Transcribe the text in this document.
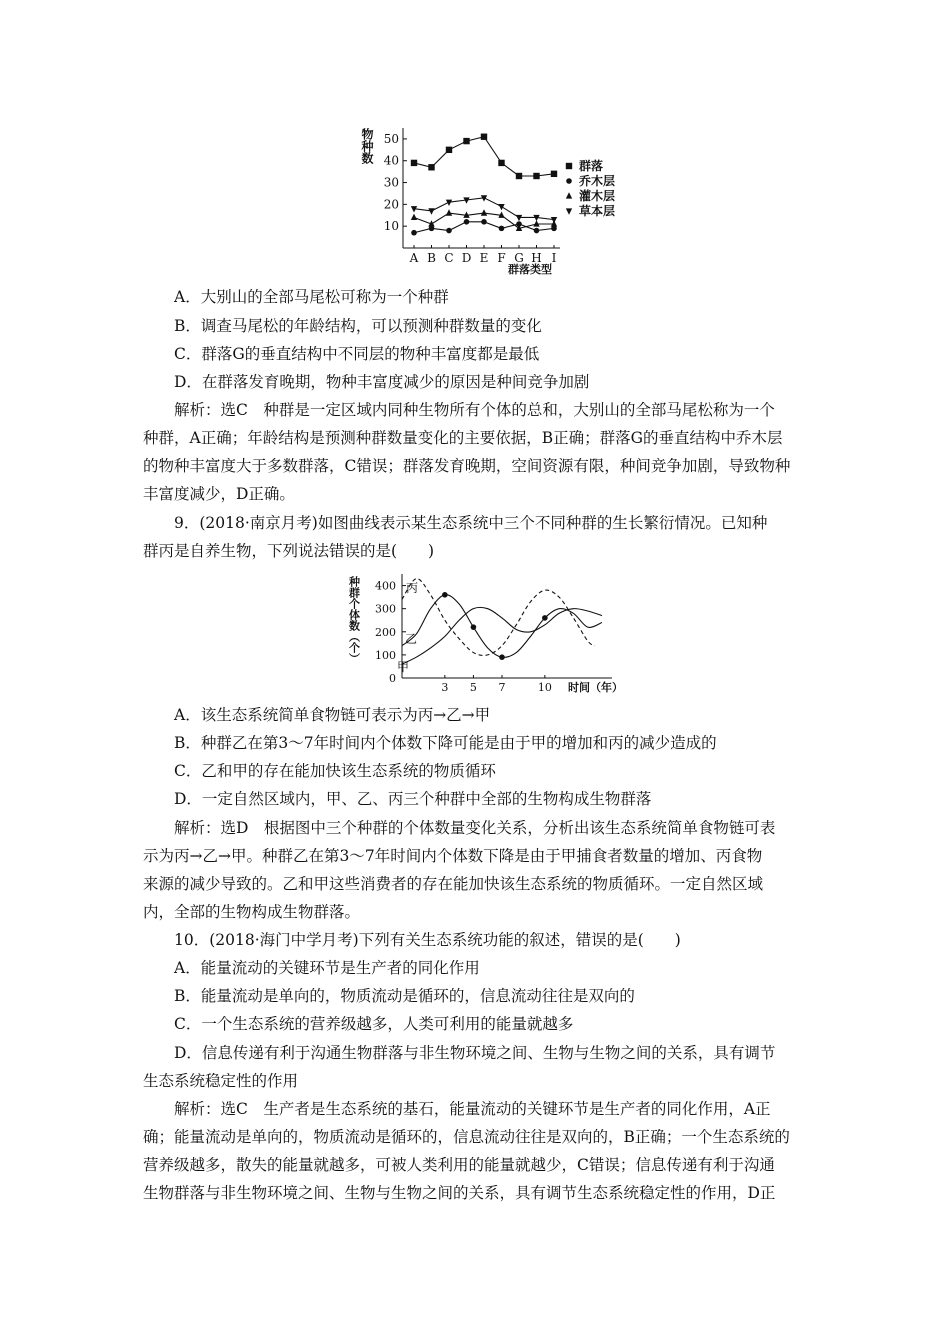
物种数
10
20
30
40
50
A B C D E F G H I
群落
乔木层
灌木层
草本层
群落类型
A．大别山的全部马尾松可称为一个种群
B．调查马尾松的年龄结构，可以预测种群数量的变化
C．群落G的垂直结构中不同层的物种丰富度都是最低
D．在群落发育晚期，物种丰富度减少的原因是种间竞争加剧
解析：选C　种群是一定区域内同种生物所有个体的总和，大别山的全部马尾松称为一个
种群，A正确；年龄结构是预测种群数量变化的主要依据，B正确；群落G的垂直结构中乔木层
的物种丰富度大于多数群落，C错误；群落发育晚期，空间资源有限，种间竞争加剧，导致物种
丰富度减少，D正确。
9．(2018·南京月考)如图曲线表示某生态系统中三个不同种群的生长繁衍情况。已知种
群丙是自养生物，下列说法错误的是(　　)
种群个体数（个）
0
100
200
300
400
3 5 7	10
丙
乙
甲
时间（年）
A．该生态系统简单食物链可表示为丙→乙→甲
B．种群乙在第3～7年时间内个体数下降可能是由于甲的增加和丙的减少造成的
C．乙和甲的存在能加快该生态系统的物质循环
D．一定自然区域内，甲、乙、丙三个种群中全部的生物构成生物群落
解析：选D　根据图中三个种群的个体数量变化关系，分析出该生态系统简单食物链可表
示为丙→乙→甲。种群乙在第3～7年时间内个体数下降是由于甲捕食者数量的增加、丙食物
来源的减少导致的。乙和甲这些消费者的存在能加快该生态系统的物质循环。一定自然区域
内，全部的生物构成生物群落。
10．(2018·海门中学月考)下列有关生态系统功能的叙述，错误的是(　　)
A．能量流动的关键环节是生产者的同化作用
B．能量流动是单向的，物质流动是循环的，信息流动往往是双向的
C．一个生态系统的营养级越多，人类可利用的能量就越多
D．信息传递有利于沟通生物群落与非生物环境之间、生物与生物之间的关系，具有调节
生态系统稳定性的作用
解析：选C　生产者是生态系统的基石，能量流动的关键环节是生产者的同化作用，A正
确；能量流动是单向的，物质流动是循环的，信息流动往往是双向的，B正确；一个生态系统的
营养级越多，散失的能量就越多，可被人类利用的能量就越少，C错误；信息传递有利于沟通
生物群落与非生物环境之间、生物与生物之间的关系，具有调节生态系统稳定性的作用，D正
